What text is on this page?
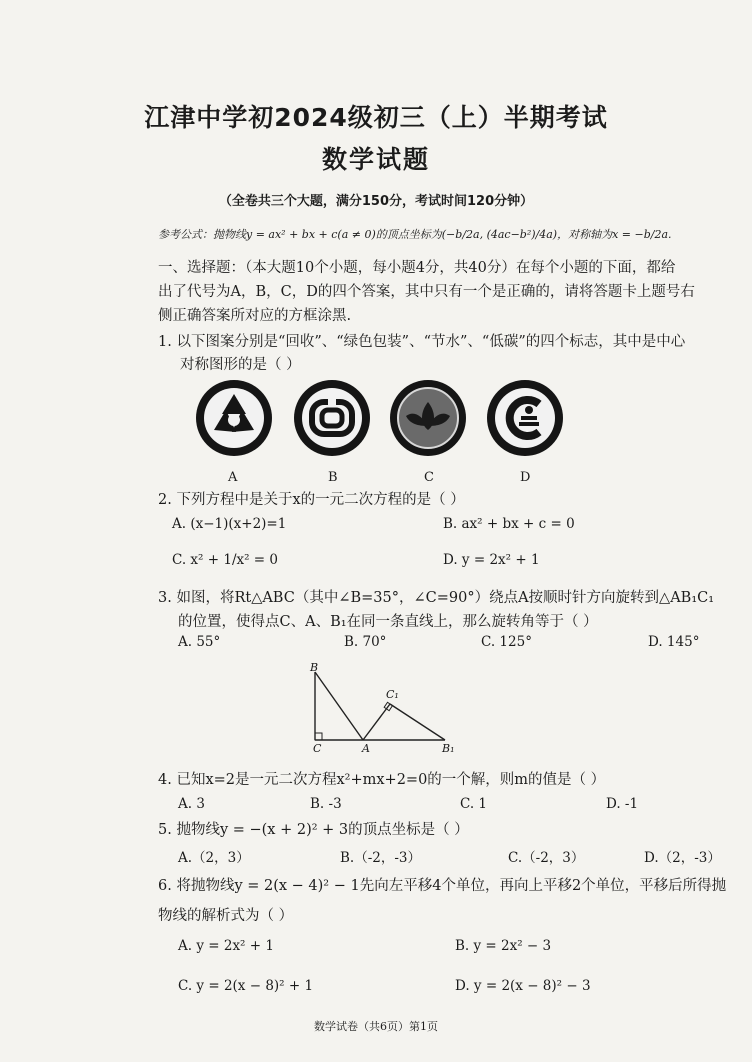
江津中学初2024级初三（上）半期考试
数学试题
（全卷共三个大题，满分150分，考试时间120分钟）
参考公式：抛物线y = ax² + bx + c(a ≠ 0)的顶点坐标为(−b/2a, (4ac−b²)/4a)，对称轴为x = −b/2a.
一、选择题：（本大题10个小题，每小题4分，共40分）在每个小题的下面，都给
出了代号为A，B，C，D的四个答案，其中只有一个是正确的，请将答题卡上题号右
侧正确答案所对应的方框涂黑.
1. 以下图案分别是“回收”、“绿色包装”、“节水”、“低碳”的四个标志，其中是中心
对称图形的是（ ）
A	B	C	D
2. 下列方程中是关于x的一元二次方程的是（ ）
A. (x−1)(x+2)=1	B. ax² + bx + c = 0
C. x² + 1/x² = 0	D. y = 2x² + 1
3. 如图，将Rt△ABC（其中∠B=35°，∠C=90°）绕点A按顺时针方向旋转到△AB₁C₁
的位置，使得点C、A、B₁在同一条直线上，那么旋转角等于（ ）
A. 55°	B. 70°	C. 125°	D. 145°
B
C₁
C	A	B₁
4. 已知x=2是一元二次方程x²+mx+2=0的一个解，则m的值是（ ）
A. 3	B. -3	C. 1	D. -1
5. 抛物线y = −(x + 2)² + 3的顶点坐标是（ ）
A.（2，3）	B.（-2，-3）	C.（-2，3）	D.（2，-3）
6. 将抛物线y = 2(x − 4)² − 1先向左平移4个单位，再向上平移2个单位，平移后所得抛
物线的解析式为（ ）
A. y = 2x² + 1	B. y = 2x² − 3
C. y = 2(x − 8)² + 1	D. y = 2(x − 8)² − 3
数学试卷（共6页）第1页
